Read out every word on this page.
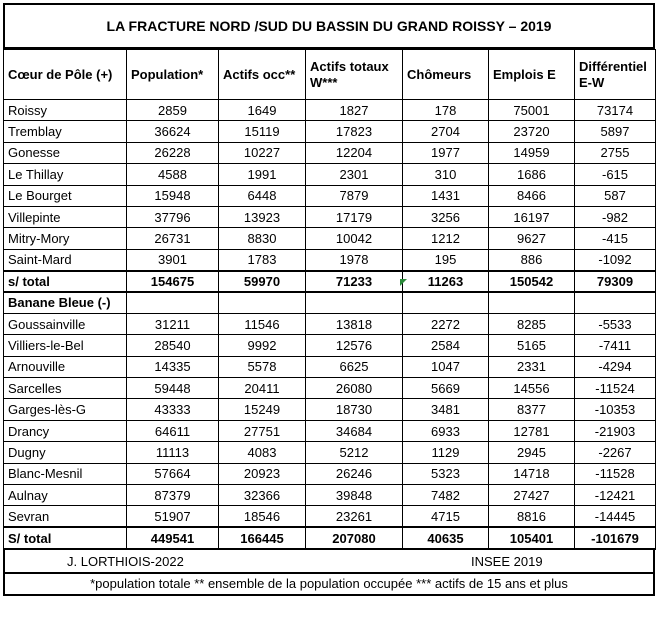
LA FRACTURE NORD /SUD DU BASSIN DU GRAND ROISSY – 2019
Cœur de Pôle (+)	Population*	Actifs occ**	Actifs totaux W***	Chômeurs	Emplois E	Différentiel E-W
Roissy	2859	1649	1827	178	75001	73174
Tremblay	36624	15119	17823	2704	23720	5897
Gonesse	26228	10227	12204	1977	14959	2755
Le Thillay	4588	1991	2301	310	1686	-615
Le Bourget	15948	6448	7879	1431	8466	587
Villepinte	37796	13923	17179	3256	16197	-982
Mitry-Mory	26731	8830	10042	1212	9627	-415
Saint-Mard	3901	1783	1978	195	886	-1092
s/ total	154675	59970	71233	11263	150542	79309
Banane Bleue (-)						
Goussainville	31211	11546	13818	2272	8285	-5533
Villiers-le-Bel	28540	9992	12576	2584	5165	-7411
Arnouville	14335	5578	6625	1047	2331	-4294
Sarcelles	59448	20411	26080	5669	14556	-11524
Garges-lès-G	43333	15249	18730	3481	8377	-10353
Drancy	64611	27751	34684	6933	12781	-21903
Dugny	11113	4083	5212	1129	2945	-2267
Blanc-Mesnil	57664	20923	26246	5323	14718	-11528
Aulnay	87379	32366	39848	7482	27427	-12421
Sevran	51907	18546	23261	4715	8816	-14445
S/ total	449541	166445	207080	40635	105401	-101679
J. LORTHIOIS-2022	INSEE 2019
*population totale ** ensemble de la population occupée *** actifs de 15 ans et plus
